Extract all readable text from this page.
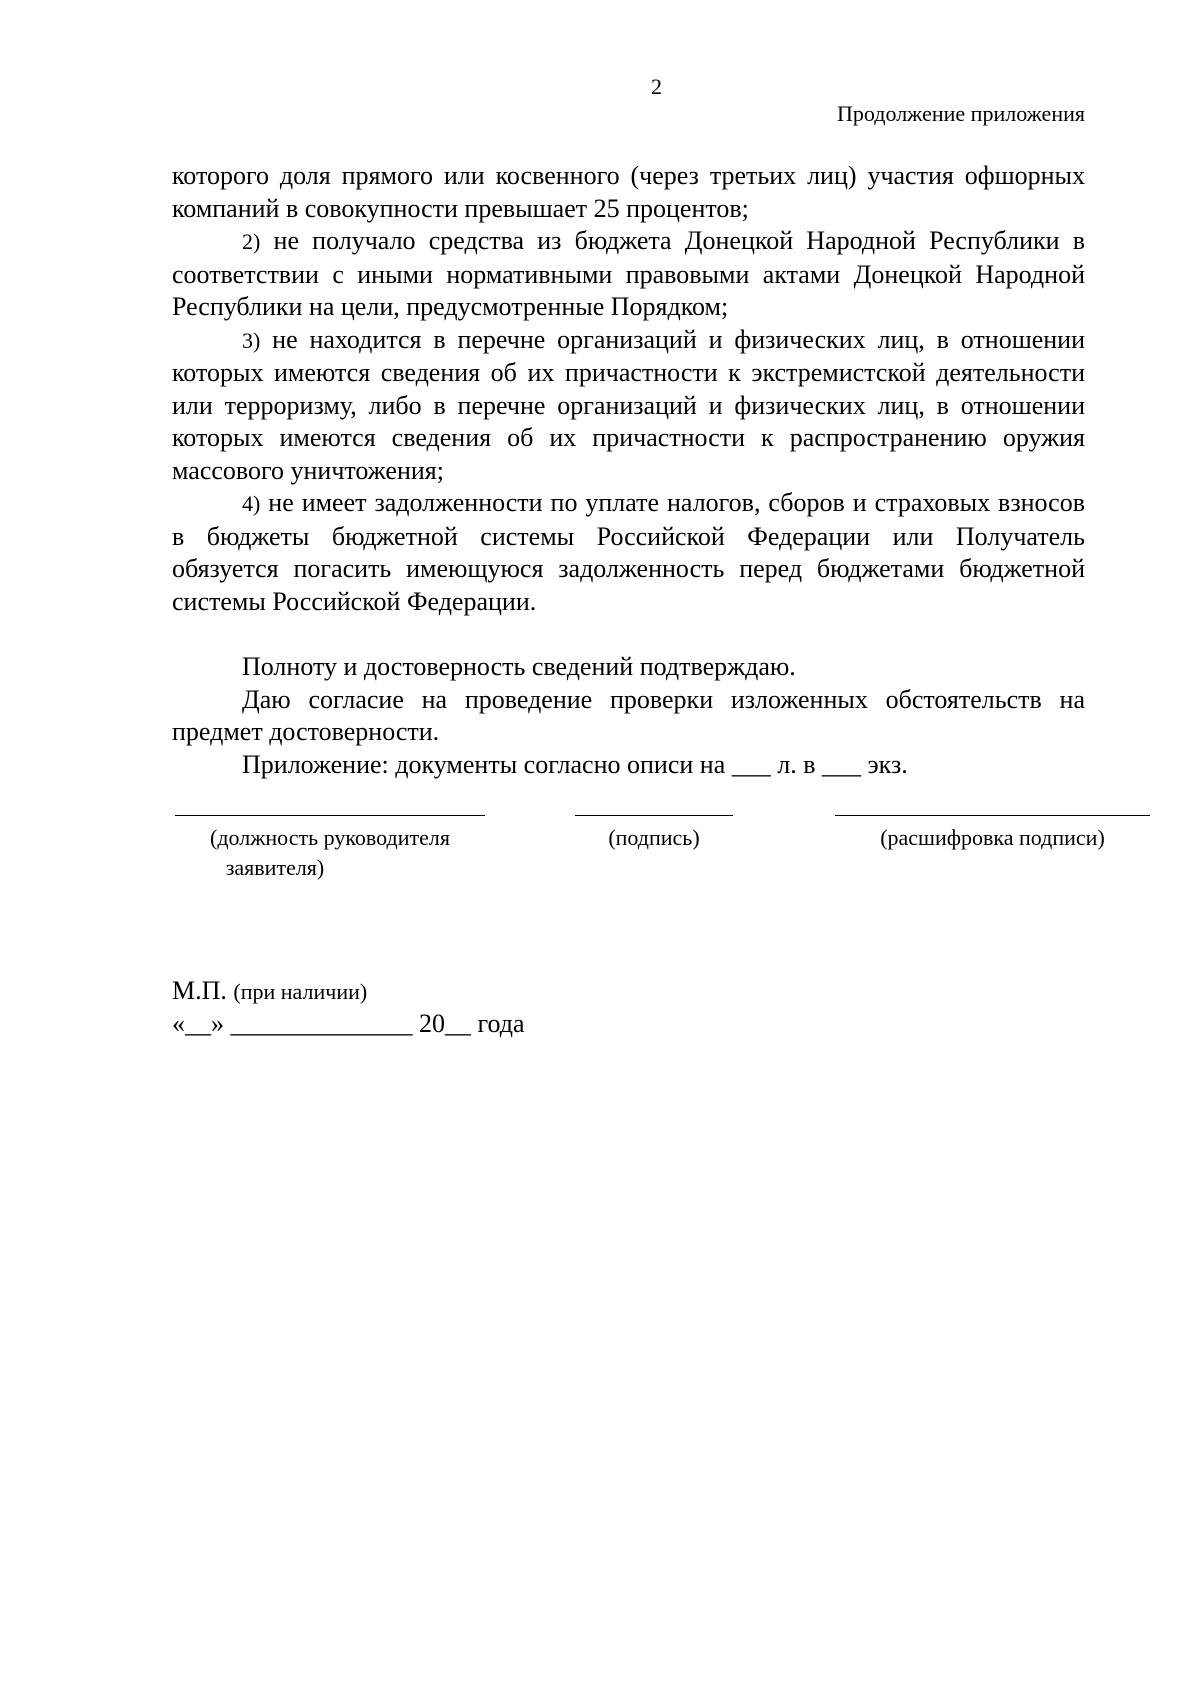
2
Продолжение приложения

которого доля прямого или косвенного (через третьих лиц) участия офшорных компаний в совокупности превышает 25 процентов;

2) не получало средства из бюджета Донецкой Народной Республики в соответствии с иными нормативными правовыми актами Донецкой Народной Республики на цели, предусмотренные Порядком;

3) не находится в перечне организаций и физических лиц, в отношении которых имеются сведения об их причастности к экстремистской деятельности или терроризму, либо в перечне организаций и физических лиц, в отношении которых имеются сведения об их причастности к распространению оружия массового уничтожения;

4) не имеет задолженности по уплате налогов, сборов и страховых взносов в бюджеты бюджетной системы Российской Федерации или Получатель обязуется погасить имеющуюся задолженность перед бюджетами бюджетной системы Российской Федерации.

Полноту и достоверность сведений подтверждаю.

Даю согласие на проведение проверки изложенных обстоятельств на предмет достоверности.

Приложение: документы согласно описи на ___ л. в ___ экз.

(должность руководителя
заявителя)
(подпись)	(расшифровка подписи)
М.П. (при наличии)
«__» ______________ 20__ года
